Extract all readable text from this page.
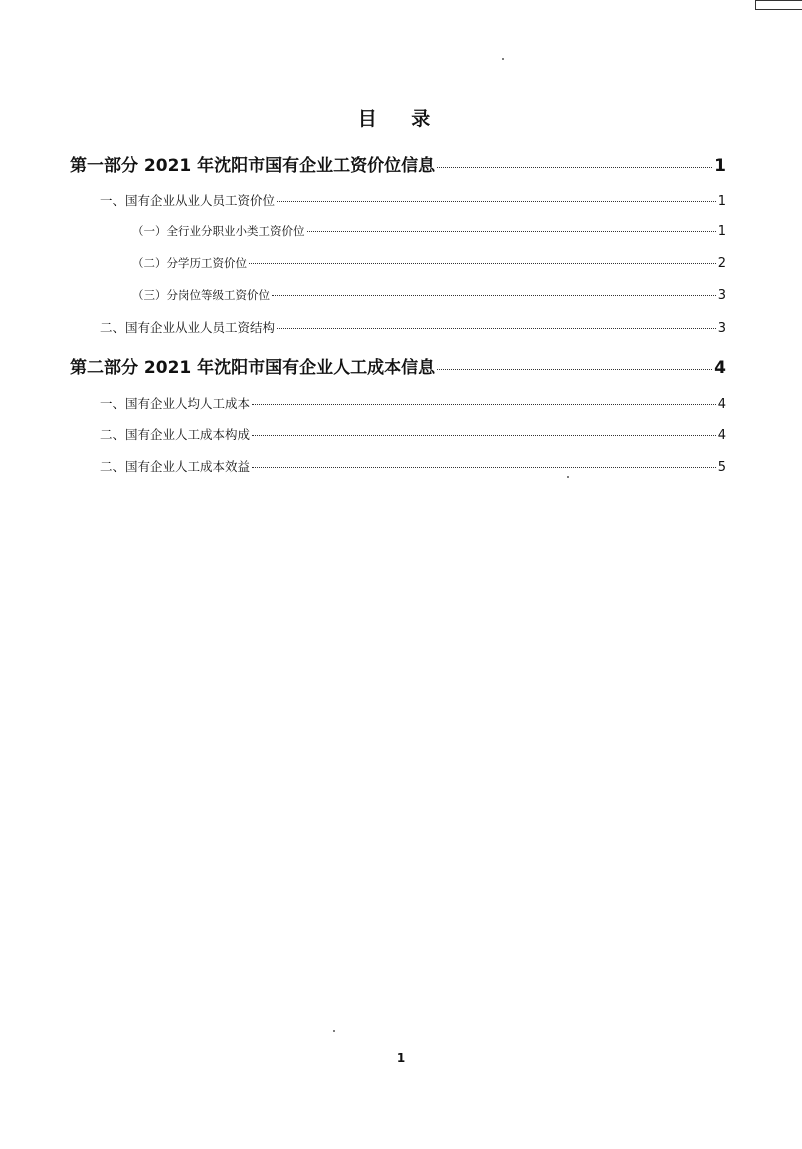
目 录
第一部分 2021 年沈阳市国有企业工资价位信息	1
一、国有企业从业人员工资价位	1
（一）全行业分职业小类工资价位	1
（二）分学历工资价位	2
（三）分岗位等级工资价位	3
二、国有企业从业人员工资结构	3
第二部分 2021 年沈阳市国有企业人工成本信息	4
一、国有企业人均人工成本	4
二、国有企业人工成本构成	4
二、国有企业人工成本效益	5
1
